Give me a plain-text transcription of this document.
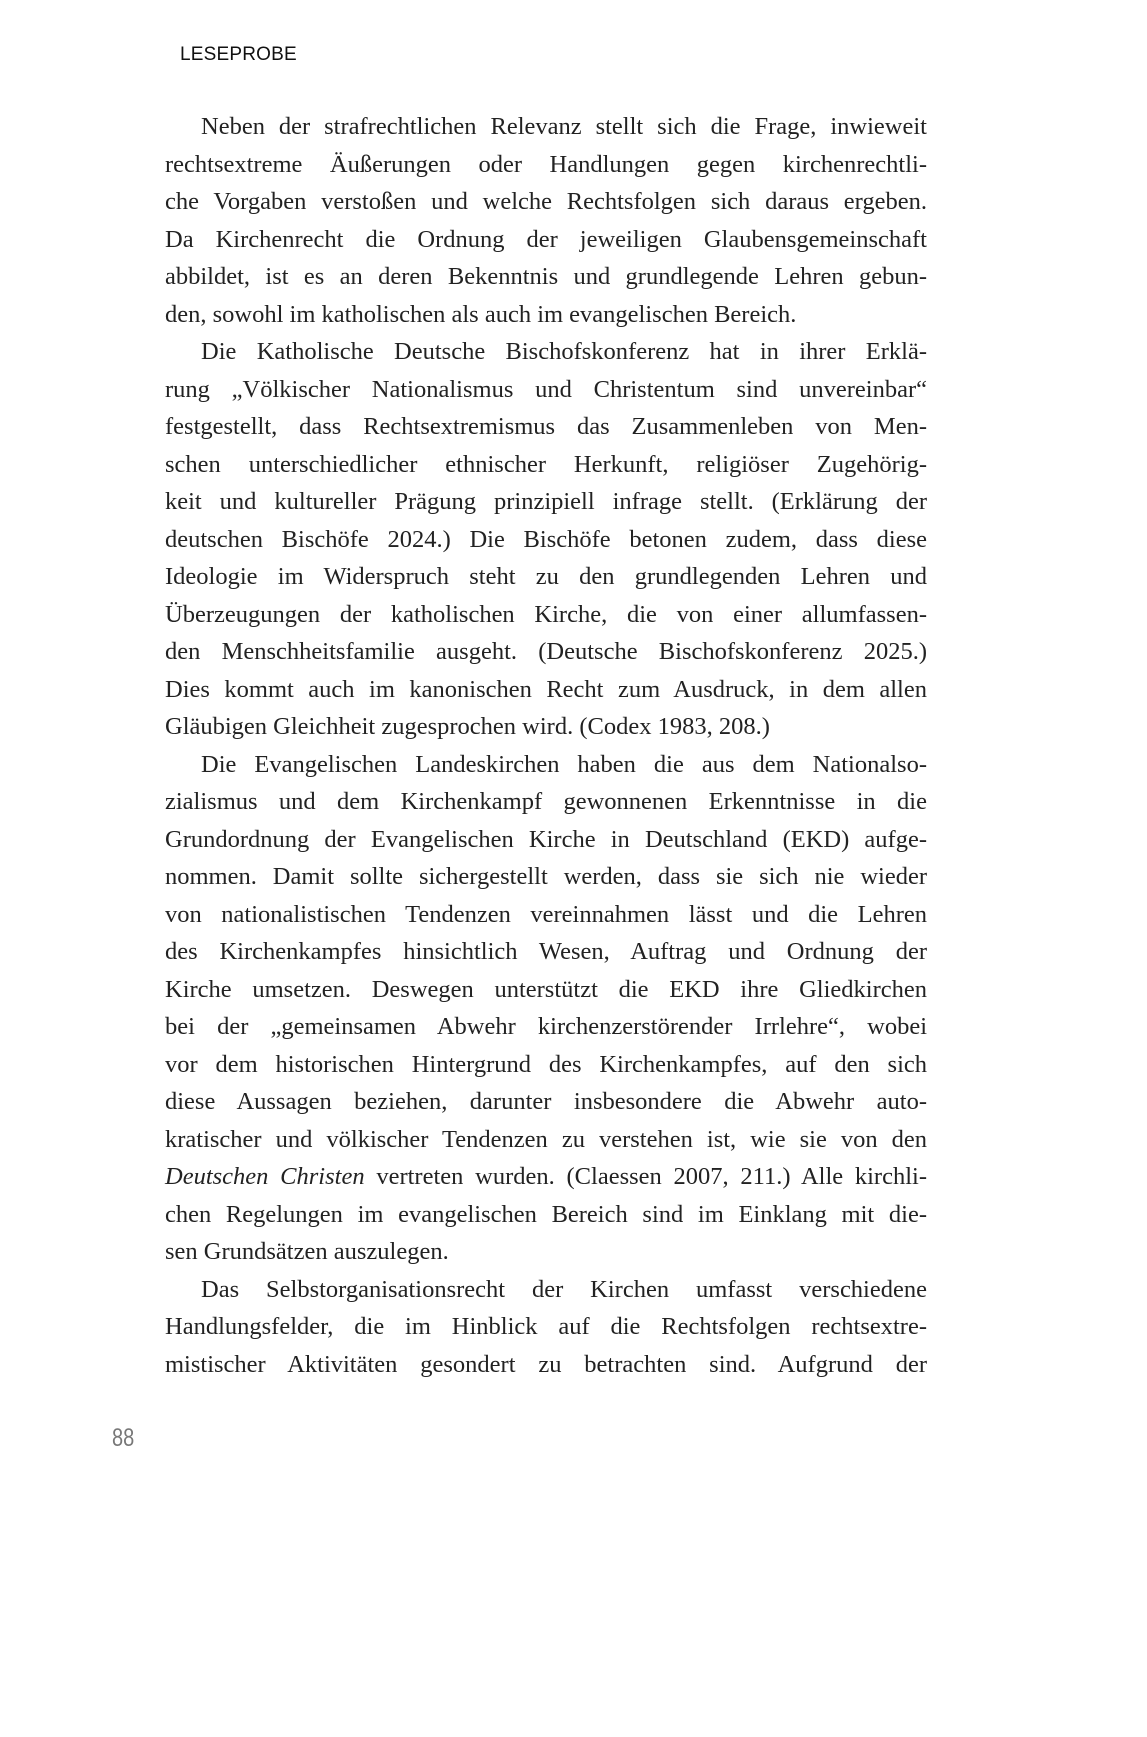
LESEPROBE
Neben der strafrechtlichen Relevanz stellt sich die Frage, inwieweit
rechtsextreme Äußerungen oder Handlungen gegen kirchenrechtli-
che Vorgaben verstoßen und welche Rechtsfolgen sich daraus ergeben.
Da Kirchenrecht die Ordnung der jeweiligen Glaubensgemeinschaft
abbildet, ist es an deren Bekenntnis und grundlegende Lehren gebun-
den, sowohl im katholischen als auch im evangelischen Bereich.
Die Katholische Deutsche Bischofskonferenz hat in ihrer Erklä-
rung „Völkischer Nationalismus und Christentum sind unvereinbar“
festgestellt, dass Rechtsextremismus das Zusammenleben von Men-
schen unterschiedlicher ethnischer Herkunft, religiöser Zugehörig-
keit und kultureller Prägung prinzipiell infrage stellt. (Erklärung der
deutschen Bischöfe 2024.) Die Bischöfe betonen zudem, dass diese
Ideologie im Widerspruch steht zu den grundlegenden Lehren und
Überzeugungen der katholischen Kirche, die von einer allumfassen-
den Menschheitsfamilie ausgeht. (Deutsche Bischofskonferenz 2025.)
Dies kommt auch im kanonischen Recht zum Ausdruck, in dem allen
Gläubigen Gleichheit zugesprochen wird. (Codex 1983, 208.)
Die Evangelischen Landeskirchen haben die aus dem Nationalso-
zialismus und dem Kirchenkampf gewonnenen Erkenntnisse in die
Grundordnung der Evangelischen Kirche in Deutschland (EKD) aufge-
nommen. Damit sollte sichergestellt werden, dass sie sich nie wieder
von nationalistischen Tendenzen vereinnahmen lässt und die Lehren
des Kirchenkampfes hinsichtlich Wesen, Auftrag und Ordnung der
Kirche umsetzen. Deswegen unterstützt die EKD ihre Gliedkirchen
bei der „gemeinsamen Abwehr kirchenzerstörender Irrlehre“, wobei
vor dem historischen Hintergrund des Kirchenkampfes, auf den sich
diese Aussagen beziehen, darunter insbesondere die Abwehr auto-
kratischer und völkischer Tendenzen zu verstehen ist, wie sie von den
Deutschen Christen vertreten wurden. (Claessen 2007, 211.) Alle kirchli-
chen Regelungen im evangelischen Bereich sind im Einklang mit die-
sen Grundsätzen auszulegen.
Das Selbstorganisationsrecht der Kirchen umfasst verschiedene
Handlungsfelder, die im Hinblick auf die Rechtsfolgen rechtsextre-
mistischer Aktivitäten gesondert zu betrachten sind. Aufgrund der
88
